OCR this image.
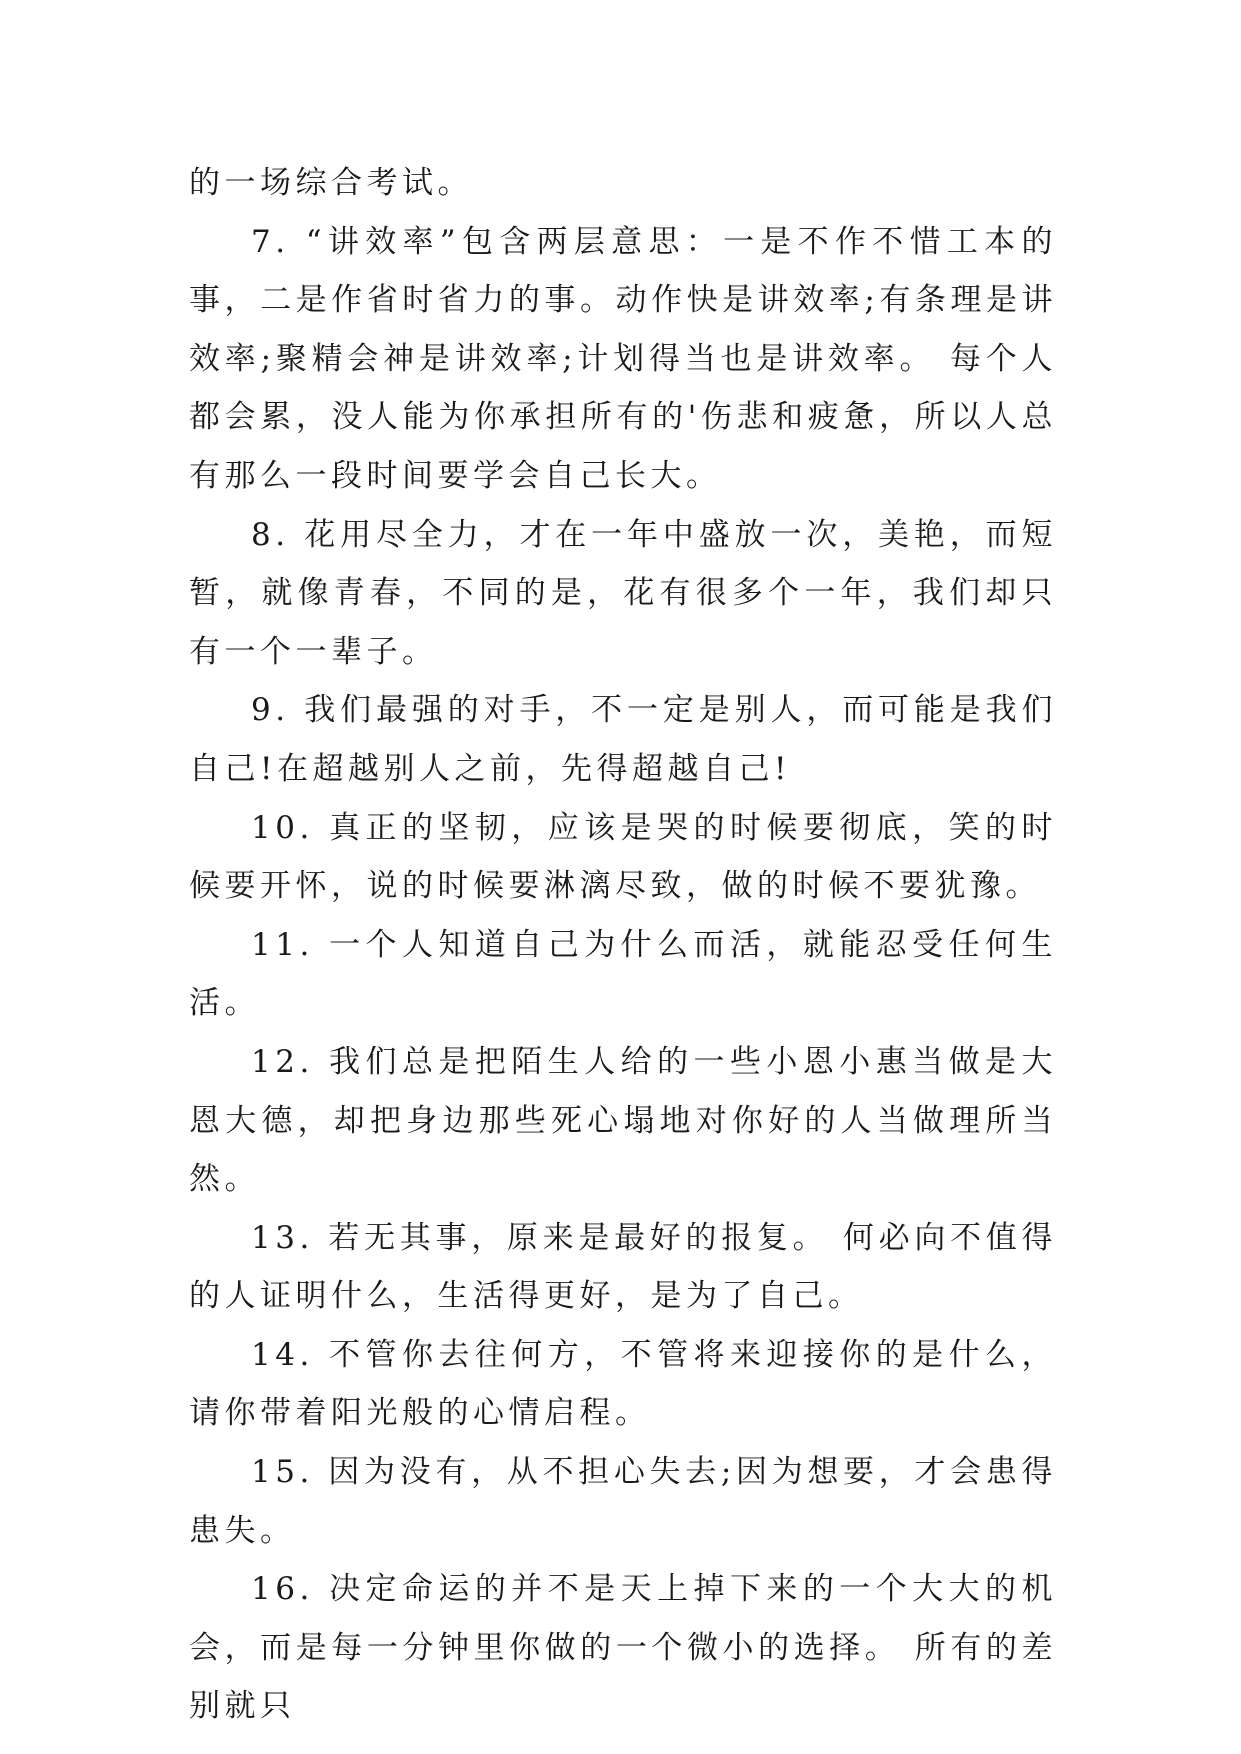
的一场综合考试。

7. “讲效率”包含两层意思：一是不作不惜工本的事，二是作省时省力的事。动作快是讲效率;有条理是讲效率;聚精会神是讲效率;计划得当也是讲效率。 每个人都会累，没人能为你承担所有的'伤悲和疲惫，所以人总有那么一段时间要学会自己长大。

8. 花用尽全力，才在一年中盛放一次，美艳，而短暂，就像青春，不同的是，花有很多个一年，我们却只有一个一辈子。

9. 我们最强的对手，不一定是别人，而可能是我们自己!在超越别人之前，先得超越自己!

10. 真正的坚韧，应该是哭的时候要彻底，笑的时候要开怀，说的时候要淋漓尽致，做的时候不要犹豫。

11. 一个人知道自己为什么而活，就能忍受任何生活。

12. 我们总是把陌生人给的一些小恩小惠当做是大恩大德，却把身边那些死心塌地对你好的人当做理所当然。

13. 若无其事，原来是最好的报复。 何必向不值得的人证明什么，生活得更好，是为了自己。

14. 不管你去往何方，不管将来迎接你的是什么，请你带着阳光般的心情启程。

15. 因为没有，从不担心失去;因为想要，才会患得患失。

16. 决定命运的并不是天上掉下来的一个大大的机会，而是每一分钟里你做的一个微小的选择。 所有的差别就只
